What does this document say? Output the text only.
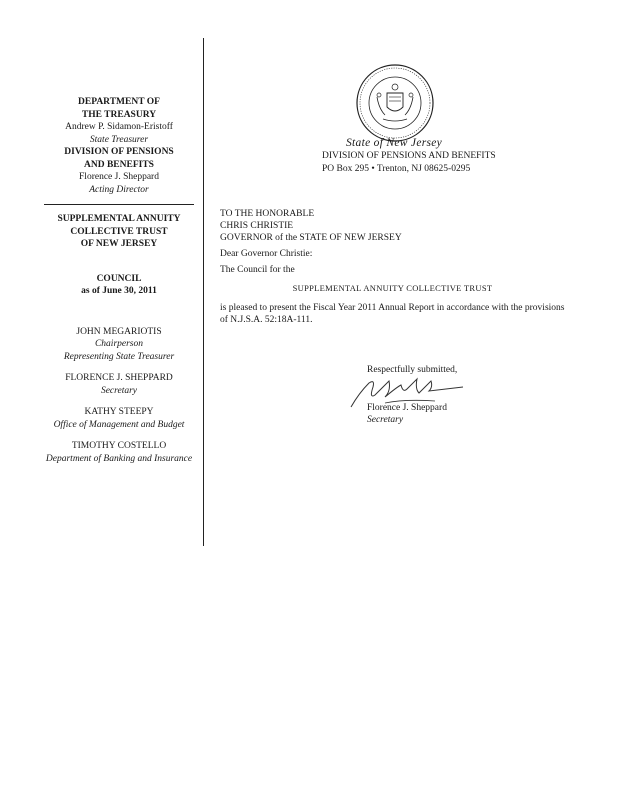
DEPARTMENT OF
THE TREASURY
Andrew P. Sidamon-Eristoff
State Treasurer
DIVISION OF PENSIONS
AND BENEFITS
Florence J. Sheppard
Acting Director
SUPPLEMENTAL ANNUITY
COLLECTIVE TRUST
OF NEW JERSEY
COUNCIL
as of June 30, 2011
JOHN MEGARIOTIS
Chairperson
Representing State Treasurer
FLORENCE J. SHEPPARD
Secretary
KATHY STEEPY
Office of Management and Budget
TIMOTHY COSTELLO
Department of Banking and Insurance
State of New Jersey
DIVISION OF PENSIONS AND BENEFITS
PO Box 295 • Trenton, NJ 08625-0295
TO THE HONORABLE
CHRIS CHRISTIE
GOVERNOR of the STATE OF NEW JERSEY
Dear Governor Christie:
The Council for the
SUPPLEMENTAL ANNUITY COLLECTIVE TRUST
is pleased to present the Fiscal Year 2011 Annual Report in accordance with the provisions of N.J.S.A. 52:18A-111.
Respectfully submitted,
Florence J. Sheppard
Secretary
